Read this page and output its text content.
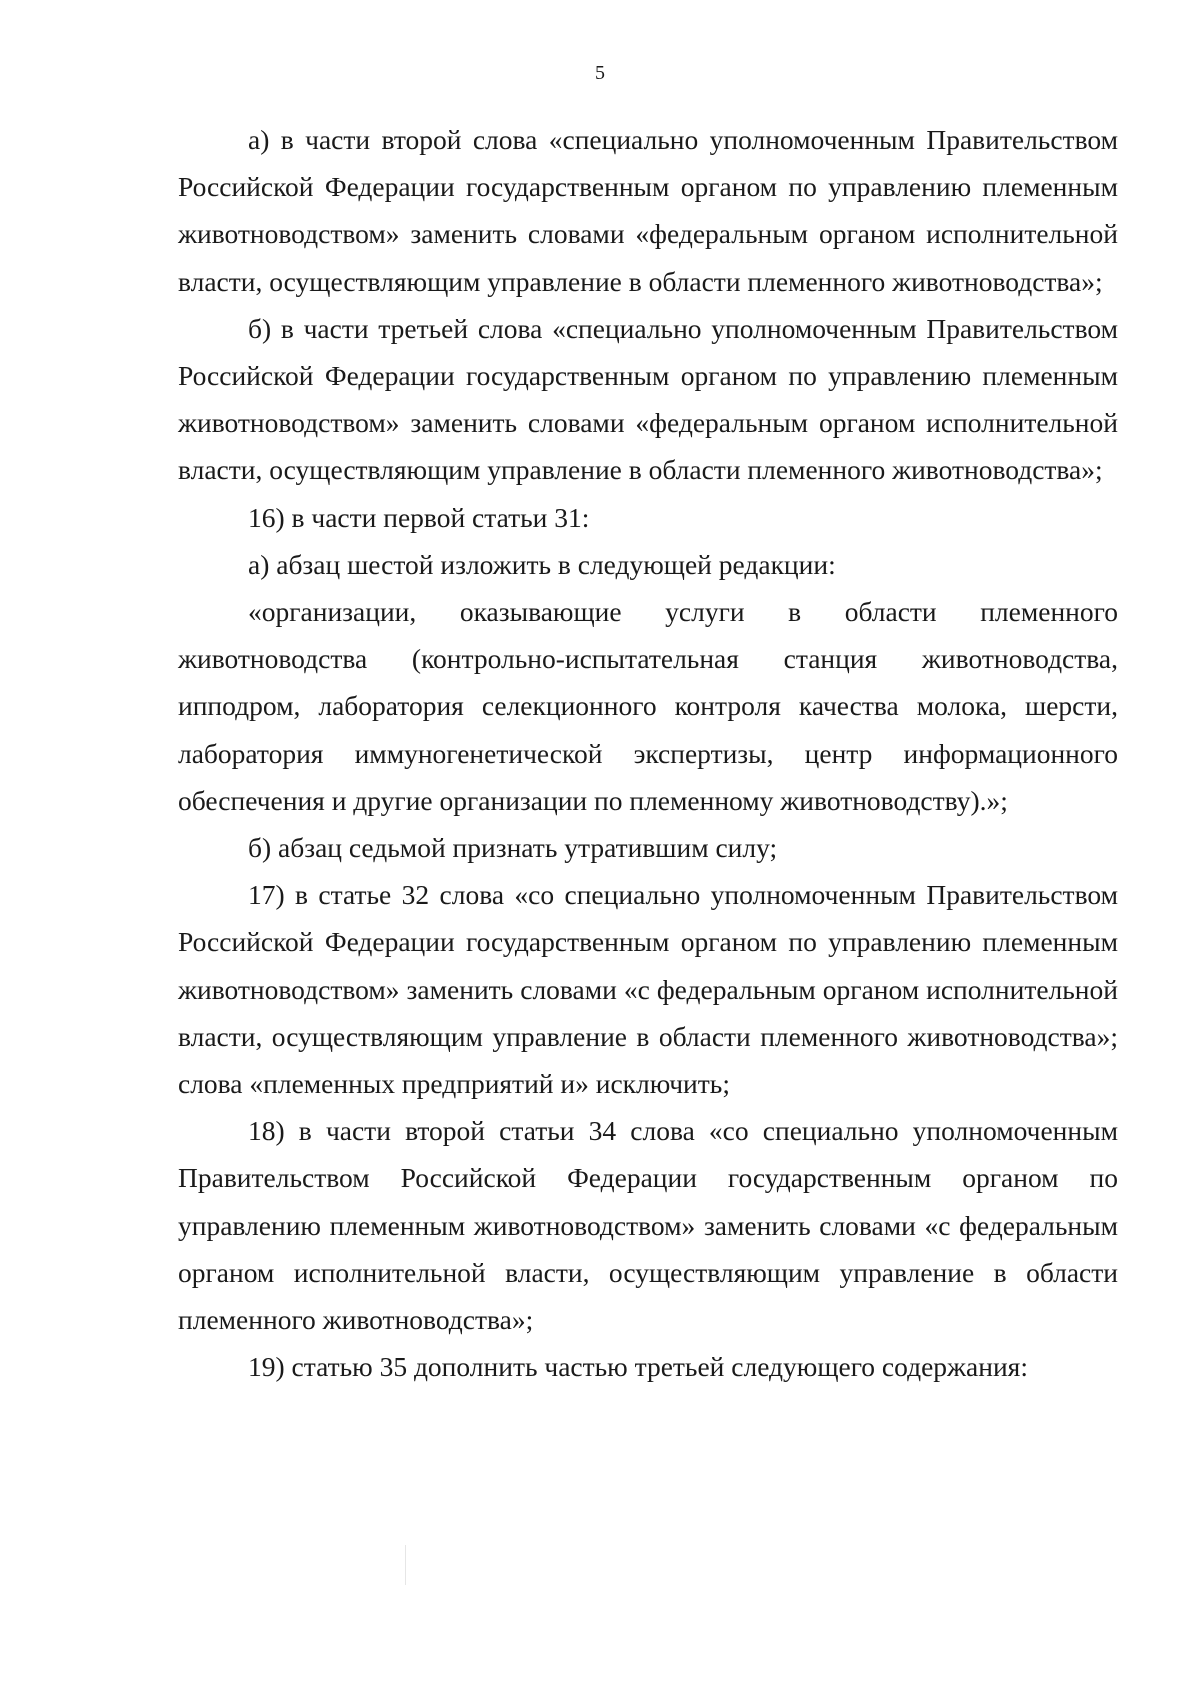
5

а) в части второй слова «специально уполномоченным Правительством Российской Федерации государственным органом по управлению племенным животноводством» заменить словами «федеральным органом исполнительной власти, осуществляющим управление в области племенного животноводства»;

б) в части третьей слова «специально уполномоченным Правительством Российской Федерации государственным органом по управлению племенным животноводством» заменить словами «федеральным органом исполнительной власти, осуществляющим управление в области племенного животноводства»;

16) в части первой статьи 31:

а) абзац шестой изложить в следующей редакции:

«организации, оказывающие услуги в области племенного животноводства (контрольно-испытательная станция животноводства, ипподром, лаборатория селекционного контроля качества молока, шерсти, лаборатория иммуногенетической экспертизы, центр информационного обеспечения и другие организации по племенному животноводству).»;

б) абзац седьмой признать утратившим силу;

17) в статье 32 слова «со специально уполномоченным Правительством Российской Федерации государственным органом по управлению племенным животноводством» заменить словами «с федеральным органом исполнительной власти, осуществляющим управление в области племенного животноводства»; слова «племенных предприятий и» исключить;

18) в части второй статьи 34 слова «со специально уполномоченным Правительством Российской Федерации государственным органом по управлению племенным животноводством» заменить словами «с федеральным органом исполнительной власти, осуществляющим управление в области племенного животноводства»;

19) статью 35 дополнить частью третьей следующего содержания:
